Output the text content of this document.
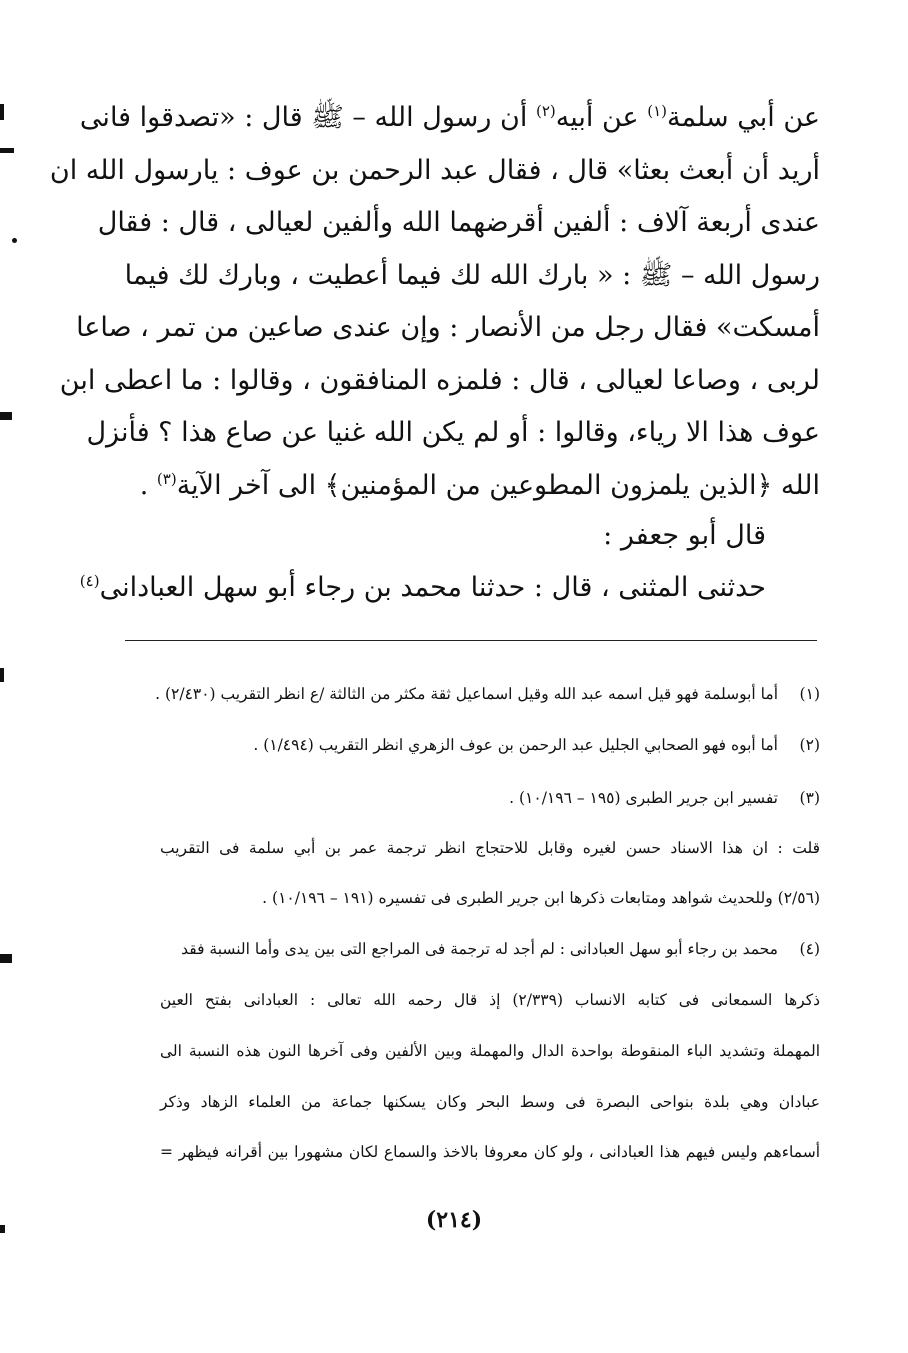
عن أبي سلمة$^{(١)}$ عن أبيه$^{(٢)}$ أن رسول الله – ﷺ قال : «تصدقوا فانى
أريد أن أبعث بعثا» قال ، فقال عبد الرحمن بن عوف : يارسول الله ان
عندى أربعة آلاف : ألفين أقرضهما الله وألفين لعيالى ، قال : فقال
رسول الله – ﷺ : « بارك الله لك فيما أعطيت ، وبارك لك فيما
أمسكت» فقال رجل من الأنصار : وإن عندى صاعين من تمر ، صاعا
لربى ، وصاعا لعيالى ، قال : فلمزه المنافقون ، وقالوا : ما اعطى ابن
عوف هذا الا رياء، وقالوا : أو لم يكن الله غنيا عن صاع هذا ؟ فأنزل
الله ﴿الذين يلمزون المطوعين من المؤمنين﴾ الى آخر الآية$^{(٣)}$ .
قال أبو جعفر :
حدثنى المثنى ، قال : حدثنا محمد بن رجاء أبو سهل العبادانى$^{(٤)}$
(١)أما أبوسلمة فهو قيل اسمه عبد الله وقيل اسماعيل ثقة مكثر من الثالثة /ع انظر التقريب (٢/٤٣٠) .
(٢)أما أبوه فهو الصحابي الجليل عبد الرحمن بن عوف الزهري انظر التقريب (١/٤٩٤) .
(٣)تفسير ابن جرير الطبرى (١٩٥ – ١٠/١٩٦) .
قلت : ان هذا الاسناد حسن لغيره وقابل للاحتجاج انظر ترجمة عمر بن أبي سلمة فى التقريب
(٢/٥٦) وللحديث شواهد ومتابعات ذكرها ابن جرير الطبرى فى تفسيره (١٩١ – ١٠/١٩٦) .
(٤)محمد بن رجاء أبو سهل العبادانى : لم أجد له ترجمة فى المراجع التى بين يدى وأما النسبة فقد
ذكرها السمعانى فى كتابه الانساب (٢/٣٣٩) إذ قال رحمه الله تعالى : العبادانى بفتح العين
المهملة وتشديد الباء المنقوطة بواحدة الدال والمهملة وبين الألفين وفى آخرها النون هذه النسبة الى
عبادان وهي بلدة بنواحى البصرة فى وسط البحر وكان يسكنها جماعة من العلماء الزهاد وذكر
أسماءهم وليس فيهم هذا العبادانى ، ولو كان معروفا بالاخذ والسماع لكان مشهورا بين أقرانه فيظهر =
(٢١٤)
